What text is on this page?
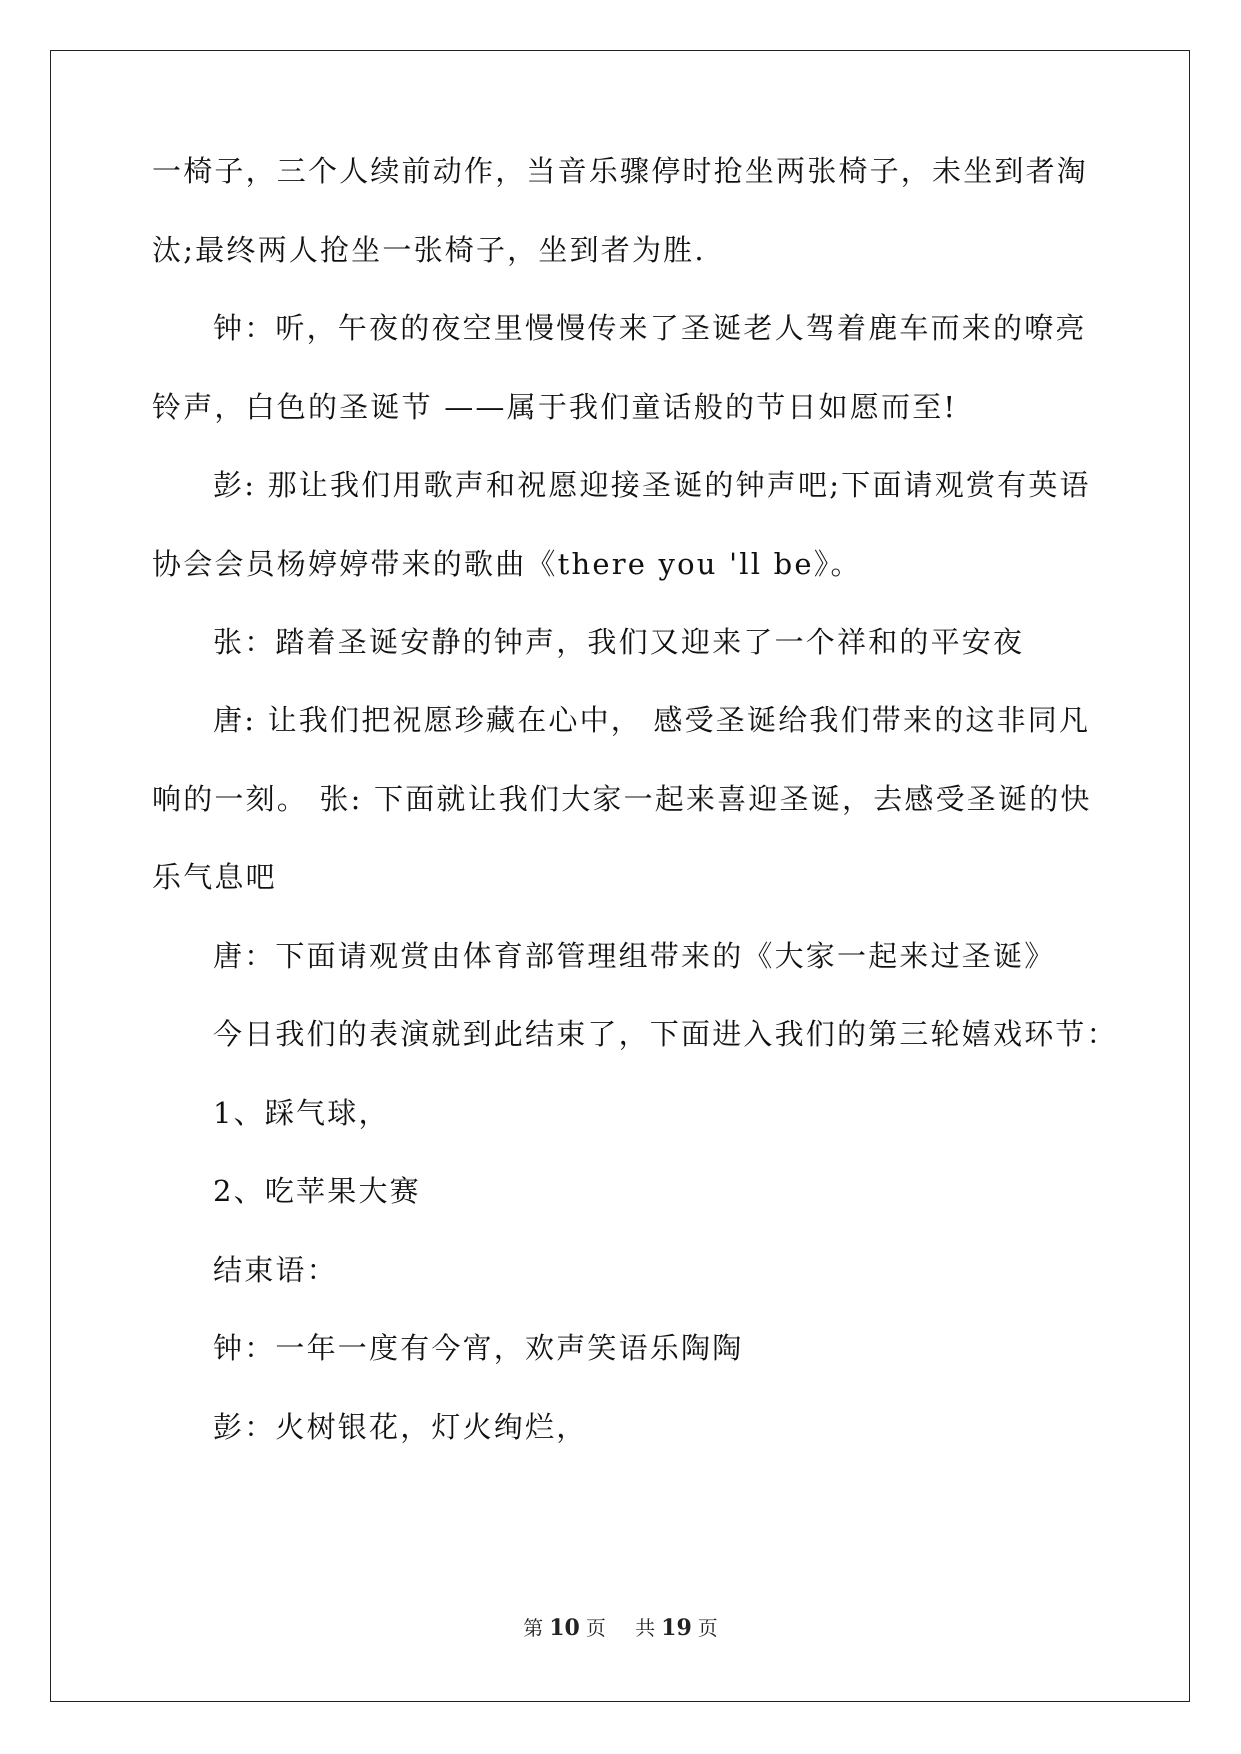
一椅子，三个人续前动作，当音乐骤停时抢坐两张椅子，未坐到者淘
汰;最终两人抢坐一张椅子，坐到者为胜.
钟：听，午夜的夜空里慢慢传来了圣诞老人驾着鹿车而来的嘹亮
铃声，白色的圣诞节 ——属于我们童话般的节日如愿而至!
彭: 那让我们用歌声和祝愿迎接圣诞的钟声吧;下面请观赏有英语
协会会员杨婷婷带来的歌曲《there you 'll be》。
张：踏着圣诞安静的钟声，我们又迎来了一个祥和的平安夜
唐: 让我们把祝愿珍藏在心中， 感受圣诞给我们带来的这非同凡
响的一刻。 张: 下面就让我们大家一起来喜迎圣诞，去感受圣诞的快
乐气息吧
唐：下面请观赏由体育部管理组带来的《大家一起来过圣诞》
今日我们的表演就到此结束了，下面进入我们的第三轮嬉戏环节：
1、踩气球，
2、吃苹果大赛
结束语：
钟：一年一度有今宵，欢声笑语乐陶陶
彭：火树银花，灯火绚烂，
第 10 页 共 19 页
